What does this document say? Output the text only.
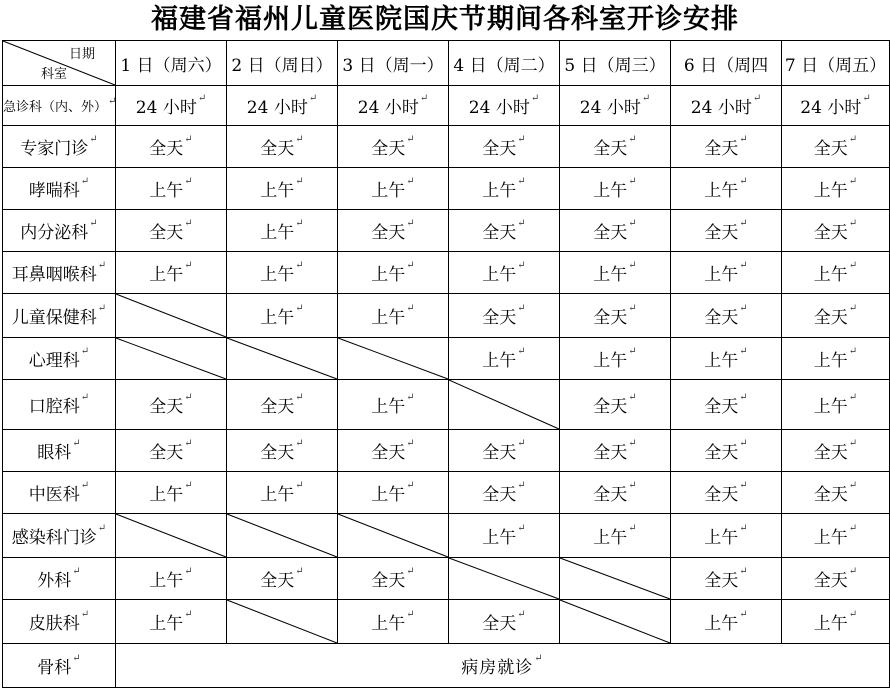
福建省福州儿童医院国庆节期间各科室开诊安排
日期
科室	1 日（周六）	2 日（周日）	3 日（周一）	4 日（周二）	5 日（周三）	6 日（周四	7 日（周五）
急诊科（内、外）↵	24 小时↵	24 小时↵	24 小时↵	24 小时↵	24 小时↵	24 小时↵	24 小时↵
专家门诊↵	全天↵	全天↵	全天↵	全天↵	全天↵	全天↵	全天↵
哮喘科↵	上午↵	上午↵	上午↵	上午↵	上午↵	上午↵	上午↵
内分泌科↵	全天↵	上午↵	全天↵	全天↵	全天↵	全天↵	全天↵
耳鼻咽喉科↵	上午↵	上午↵	上午↵	上午↵	上午↵	上午↵	上午↵
儿童保健科↵		上午↵	上午↵	全天↵	全天↵	全天↵	全天↵
心理科↵				上午↵	上午↵	上午↵	上午↵
口腔科↵	全天↵	全天↵	上午↵		全天↵	全天↵	上午↵
眼科↵	全天↵	全天↵	全天↵	全天↵	全天↵	全天↵	全天↵
中医科↵	上午↵	上午↵	上午↵	全天↵	全天↵	全天↵	全天↵
感染科门诊↵				上午↵	上午↵	上午↵	上午↵
外科↵	上午↵	全天↵	全天↵			全天↵	全天↵
皮肤科↵	上午↵		上午↵	全天↵		上午↵	上午↵
骨科↵	病房就诊↵
